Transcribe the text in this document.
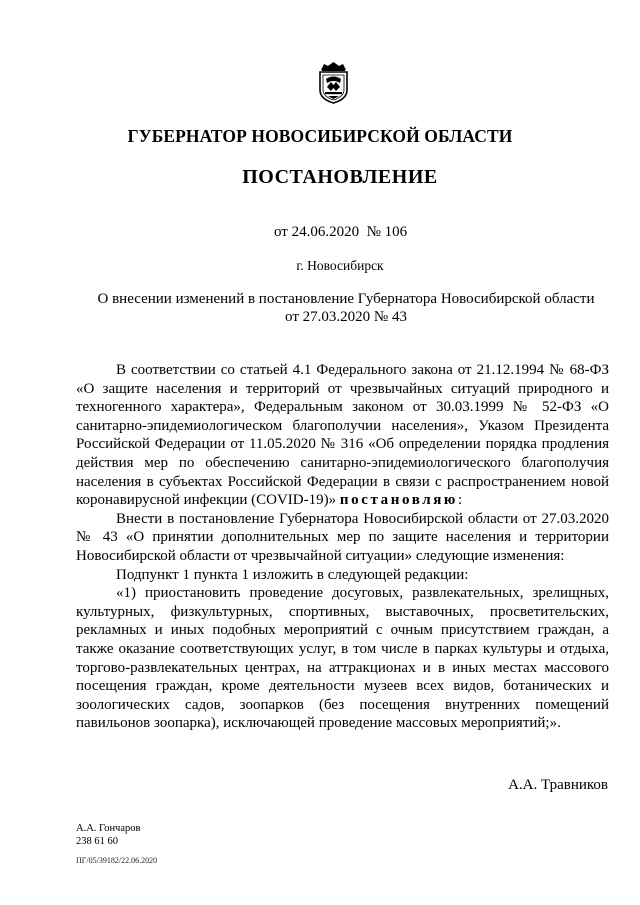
ГУБЕРНАТОР НОВОСИБИРСКОЙ ОБЛАСТИ
ПОСТАНОВЛЕНИЕ
от 24.06.2020  № 106
г. Новосибирск
О внесении изменений в постановление Губернатора Новосибирской области
от 27.03.2020 № 43

В соответствии со статьей 4.1 Федерального закона от 21.12.1994 № 68-ФЗ «О защите населения и территорий от чрезвычайных ситуаций природного и техногенного характера», Федеральным законом от 30.03.1999 № 52-ФЗ «О санитарно-эпидемиологическом благополучии населения», Указом Президента Российской Федерации от 11.05.2020 № 316 «Об определении порядка продления действия мер по обеспечению санитарно-эпидемиологического благополучия населения в субъектах Российской Федерации в связи с распространением новой коронавирусной инфекции (COVID-19)» постановляю:

Внести в постановление Губернатора Новосибирской области от 27.03.2020 № 43 «О принятии дополнительных мер по защите населения и территории Новосибирской области от чрезвычайной ситуации» следующие изменения:

Подпункт 1 пункта 1 изложить в следующей редакции:

«1) приостановить проведение досуговых, развлекательных, зрелищных, культурных, физкультурных, спортивных, выставочных, просветительских, рекламных и иных подобных мероприятий с очным присутствием граждан, а также оказание соответствующих услуг, в том числе в парках культуры и отдыха, торгово-развлекательных центрах, на аттракционах и в иных местах массового посещения граждан, кроме деятельности музеев всех видов, ботанических и зоологических садов, зоопарков (без посещения внутренних помещений павильонов зоопарка), исключающей проведение массовых мероприятий;».

А.А. Травников
А.А. Гончаров
238 61 60
ПГ/05/39182/22.06.2020
